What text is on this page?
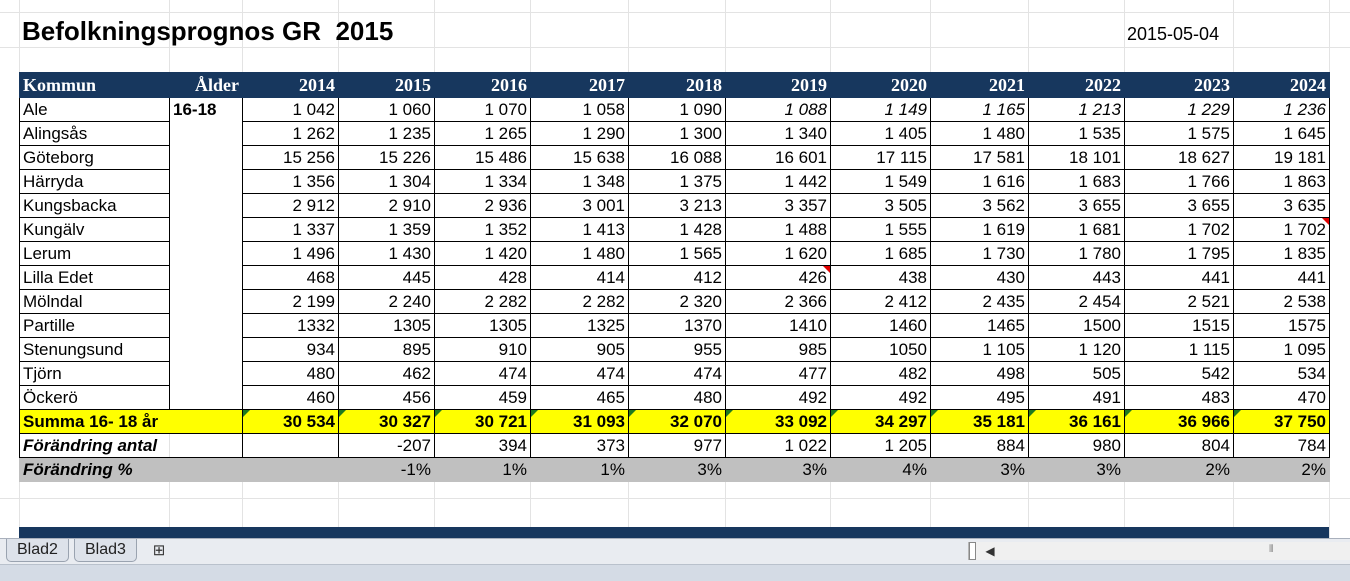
Befolkningsprognos GR  2015	2015-05-04
Kommun	Ålder	2014	2015	2016	2017	2018	2019	2020	2021	2022	2023	2024
Ale	16-18	1 042	1 060	1 070	1 058	1 090	1 088	1 149	1 165	1 213	1 229	1 236
Alingsås		1 262	1 235	1 265	1 290	1 300	1 340	1 405	1 480	1 535	1 575	1 645
Göteborg		15 256	15 226	15 486	15 638	16 088	16 601	17 115	17 581	18 101	18 627	19 181
Härryda		1 356	1 304	1 334	1 348	1 375	1 442	1 549	1 616	1 683	1 766	1 863
Kungsbacka		2 912	2 910	2 936	3 001	3 213	3 357	3 505	3 562	3 655	3 655	3 635
Kungälv		1 337	1 359	1 352	1 413	1 428	1 488	1 555	1 619	1 681	1 702	1 702
Lerum		1 496	1 430	1 420	1 480	1 565	1 620	1 685	1 730	1 780	1 795	1 835
Lilla Edet		468	445	428	414	412	426	438	430	443	441	441
Mölndal		2 199	2 240	2 282	2 282	2 320	2 366	2 412	2 435	2 454	2 521	2 538
Partille		1332	1305	1305	1325	1370	1410	1460	1465	1500	1515	1575
Stenungsund		934	895	910	905	955	985	1050	1 105	1 120	1 115	1 095
Tjörn		480	462	474	474	474	477	482	498	505	542	534
Öckerö		460	456	459	465	480	492	492	495	491	483	470
Summa 16- 18 år		30 534	30 327	30 721	31 093	32 070	33 092	34 297	35 181	36 161	36 966	37 750
Förändring antal			-207	394	373	977	1 022	1 205	884	980	804	784
Förändring %			-1%	1%	1%	3%	3%	4%	3%	3%	2%	2%
Blad2	Blad3	⊞	◀	⦀
